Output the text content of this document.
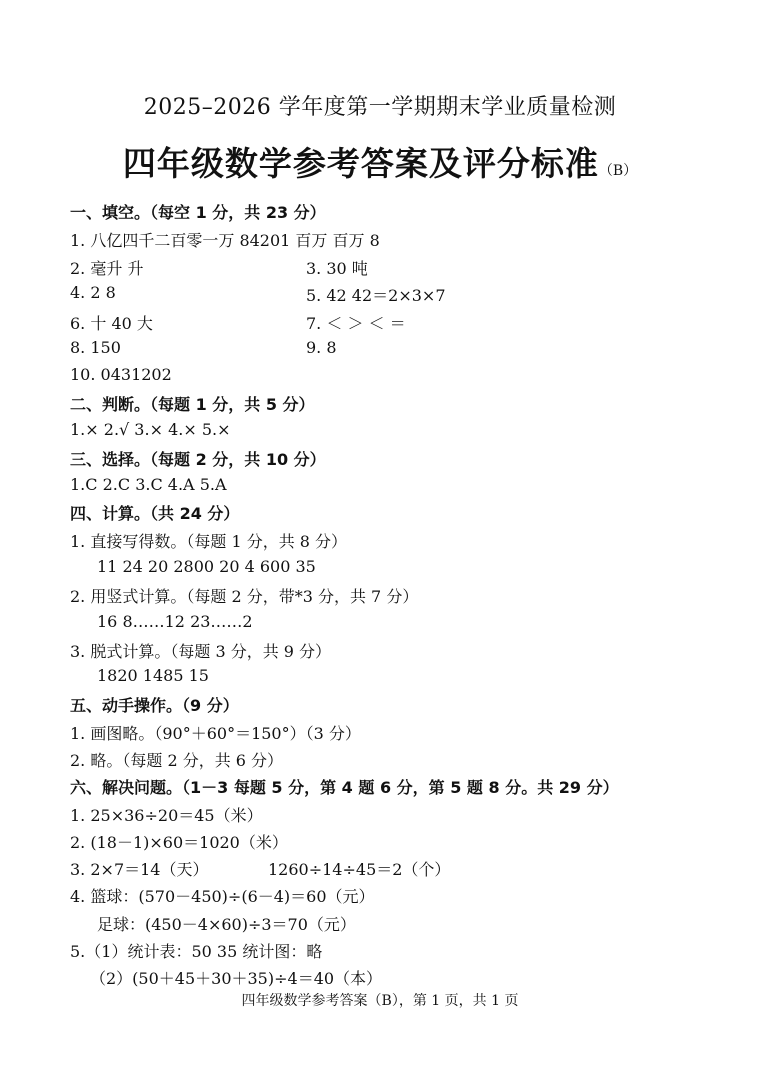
2025–2026 学年度第一学期期末学业质量检测
四年级数学参考答案及评分标准（B）
一、填空。（每空 1 分，共 23 分）
1. 八亿四千二百零一万 84201 百万 百万 8
2. 毫升 升	3. 30 吨
4. 2 8	5. 42 42＝2×3×7
6. 十 40 大	7. ＜ ＞ ＜ ＝
8. 150	9. 8
10. 0431202
二、判断。（每题 1 分，共 5 分）
1.× 2.√ 3.× 4.× 5.×
三、选择。（每题 2 分，共 10 分）
1.C 2.C 3.C 4.A 5.A
四、计算。（共 24 分）
1. 直接写得数。（每题 1 分，共 8 分）
11 24 20 2800 20 4 600 35
2. 用竖式计算。（每题 2 分，带*3 分，共 7 分）
16 8……12 23……2
3. 脱式计算。（每题 3 分，共 9 分）
1820 1485 15
五、动手操作。（9 分）
1. 画图略。（90°＋60°＝150°）（3 分）
2. 略。（每题 2 分，共 6 分）
六、解决问题。（1－3 每题 5 分，第 4 题 6 分，第 5 题 8 分。共 29 分）
1. 25×36÷20＝45（米）
2. (18－1)×60＝1020（米）
3. 2×7＝14（天）	1260÷14÷45＝2（个）
4. 篮球：(570－450)÷(6－4)＝60（元）
足球：(450－4×60)÷3＝70（元）
5.（1）统计表：50 35 统计图：略
（2）(50＋45＋30＋35)÷4＝40（本）
四年级数学参考答案（B），第 1 页，共 1 页
